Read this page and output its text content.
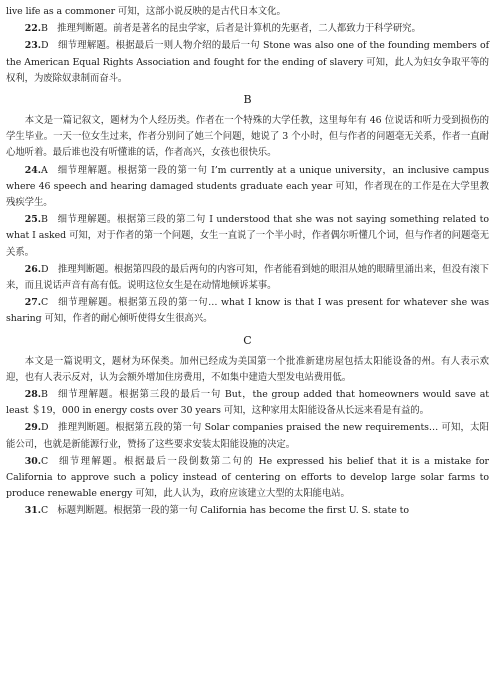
live life as a commoner 可知，这部小说反映的是古代日本文化。

22.B  推理判断题。前者是著名的昆虫学家，后者是计算机的先驱者，二人都致力于科学研究。

23.D  细节理解题。根据最后一则人物介绍的最后一句 Stone was also one of the founding members of the American Equal Rights Association and fought for the ending of slavery 可知，此人为妇女争取平等的权利，为废除奴隶制而奋斗。

B

本文是一篇记叙文，题材为个人经历类。作者在一个特殊的大学任教，这里每年有 46 位说话和听力受到损伤的学生毕业。一天一位女生过来，作者分别问了她三个问题，她说了 3 个小时，但与作者的问题毫无关系，作者一直耐心地听着。最后谁也没有听懂谁的话，作者高兴，女孩也很快乐。

24.A  细节理解题。根据第一段的第一句 I’m currently at a unique university，an inclusive campus where 46 speech and hearing damaged students graduate each year 可知，作者现在的工作是在大学里教残疾学生。

25.B  细节理解题。根据第三段的第二句 I understood that she was not saying something related to what I asked 可知，对于作者的第一个问题，女生一直说了一个半小时，作者偶尔听懂几个词，但与作者的问题毫无关系。

26.D  推理判断题。根据第四段的最后两句的内容可知，作者能看到她的眼泪从她的眼睛里涌出来，但没有滚下来，而且说话声音有高有低。说明这位女生是在动情地倾诉某事。

27.C  细节理解题。根据第五段的第一句… what I know is that I was present for whatever she was sharing 可知，作者的耐心倾听使得女生很高兴。

C

本文是一篇说明文，题材为环保类。加州已经成为美国第一个批准新建房屋包括太阳能设备的州。有人表示欢迎，也有人表示反对，认为会额外增加住房费用，不如集中建造大型发电站费用低。

28.B  细节理解题。根据第三段的最后一句 But，the group added that homeowners would save at least ＄19，000 in energy costs over 30 years 可知，这种家用太阳能设备从长远来看是有益的。

29.D  推理判断题。根据第五段的第一句 Solar companies praised the new requirements… 可知，太阳能公司，也就是新能源行业，赞扬了这些要求安装太阳能设施的决定。

30.C  细节理解题。根据最后一段倒数第二句的 He expressed his belief that it is a mistake for California to approve such a policy instead of centering on efforts to develop large solar farms to produce renewable energy 可知，此人认为，政府应该建立大型的太阳能电站。

31.C  标题判断题。根据第一段的第一句 California has become the first U. S. state to
